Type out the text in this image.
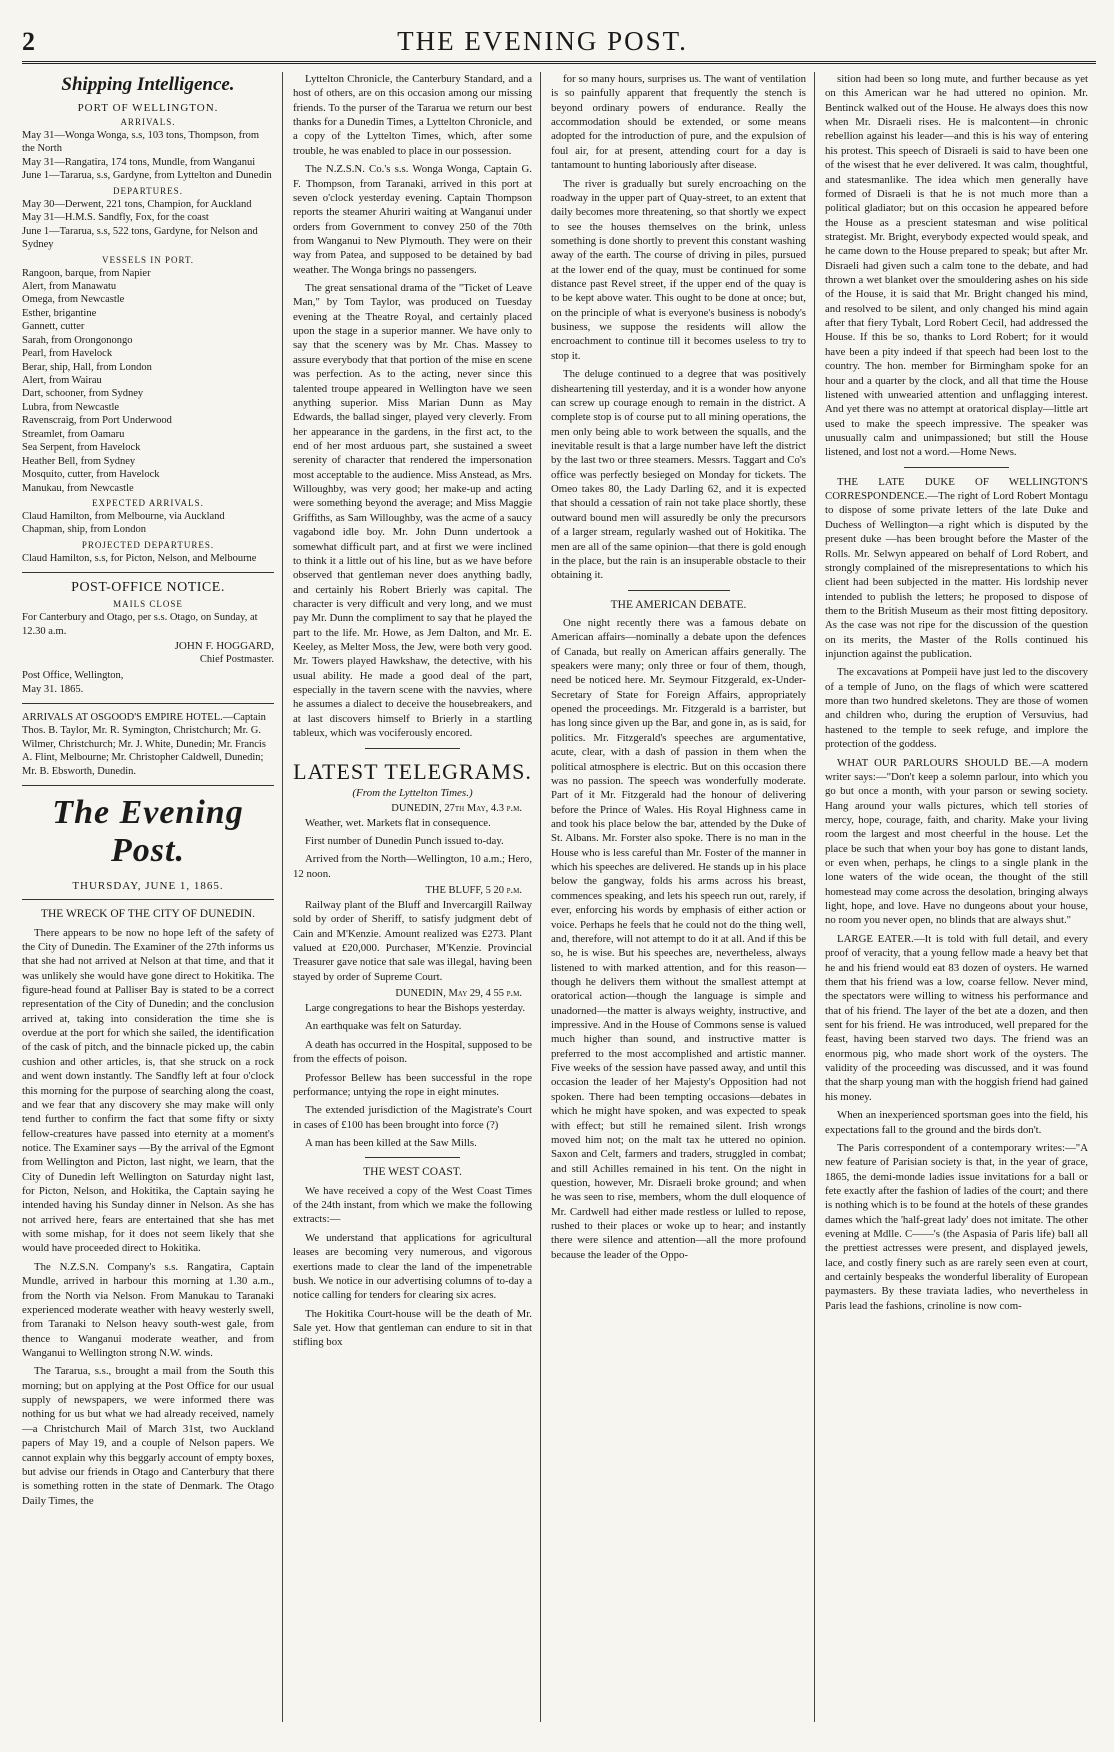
2	THE EVENING POST.
Shipping Intelligence.
PORT OF WELLINGTON.
ARRIVALS.

May 31—Wonga Wonga, s.s, 103 tons, Thompson, from the North

May 31—Rangatira, 174 tons, Mundle, from Wanganui

June 1—Tararua, s.s, Gardyne, from Lyttelton and Dunedin

DEPARTURES.

May 30—Derwent, 221 tons, Champion, for Auckland

May 31—H.M.S. Sandfly, Fox, for the coast

June 1—Tararua, s.s, 522 tons, Gardyne, for Nelson and Sydney

VESSELS IN PORT.

Rangoon, barque, from Napier

Alert, from Manawatu

Omega, from Newcastle

Esther, brigantine

Gannett, cutter

Sarah, from Orongonongo

Pearl, from Havelock

Berar, ship, Hall, from London

Alert, from Wairau

Dart, schooner, from Sydney

Lubra, from Newcastle

Ravenscraig, from Port Underwood

Streamlet, from Oamaru

Sea Serpent, from Havelock

Heather Bell, from Sydney

Mosquito, cutter, from Havelock

Manukau, from Newcastle

EXPECTED ARRIVALS.

Claud Hamilton, from Melbourne, via Auckland

Chapman, ship, from London

PROJECTED DEPARTURES.

Claud Hamilton, s.s, for Picton, Nelson, and Melbourne

POST-OFFICE NOTICE.
MAILS CLOSE

For Canterbury and Otago, per s.s. Otago, on Sunday, at 12.30 a.m.

JOHN F. HOGGARD,
Chief Postmaster.

Post Office, Wellington,

May 31. 1865.

ARRIVALS AT OSGOOD'S EMPIRE HOTEL.—Captain Thos. B. Taylor, Mr. R. Symington, Christchurch; Mr. G. Wilmer, Christchurch; Mr. J. White, Dunedin; Mr. Francis A. Flint, Melbourne; Mr. Christopher Caldwell, Dunedin; Mr. B. Ebsworth, Dunedin.

The Evening Post.
THURSDAY, JUNE 1, 1865.
THE WRECK OF THE CITY OF DUNEDIN.

There appears to be now no hope left of the safety of the City of Dunedin. The Examiner of the 27th informs us that she had not arrived at Nelson at that time, and that it was unlikely she would have gone direct to Hokitika. The figure-head found at Palliser Bay is stated to be a correct representation of the City of Dunedin; and the conclusion arrived at, taking into consideration the time she is overdue at the port for which she sailed, the identification of the cask of pitch, and the binnacle picked up, the cabin cushion and other articles, is, that she struck on a rock and went down instantly. The Sandfly left at four o'clock this morning for the purpose of searching along the coast, and we fear that any discovery she may make will only tend further to confirm the fact that some fifty or sixty fellow-creatures have passed into eternity at a moment's notice. The Examiner says —By the arrival of the Egmont from Wellington and Picton, last night, we learn, that the City of Dunedin left Wellington on Saturday night last, for Picton, Nelson, and Hokitika, the Captain saying he intended having his Sunday dinner in Nelson. As she has not arrived here, fears are entertained that she has met with some mishap, for it does not seem likely that she would have proceeded direct to Hokitika.

The N.Z.S.N. Company's s.s. Rangatira, Captain Mundle, arrived in harbour this morning at 1.30 a.m., from the North via Nelson. From Manukau to Taranaki experienced moderate weather with heavy westerly swell, from Taranaki to Nelson heavy south-west gale, from thence to Wanganui moderate weather, and from Wanganui to Wellington strong N.W. winds.

The Tararua, s.s., brought a mail from the South this morning; but on applying at the Post Office for our usual supply of newspapers, we were informed there was nothing for us but what we had already received, namely—a Christchurch Mail of March 31st, two Auckland papers of May 19, and a couple of Nelson papers. We cannot explain why this beggarly account of empty boxes, but advise our friends in Otago and Canterbury that there is something rotten in the state of Denmark. The Otago Daily Times, the

Lyttelton Chronicle, the Canterbury Standard, and a host of others, are on this occasion among our missing friends. To the purser of the Tararua we return our best thanks for a Dunedin Times, a Lyttelton Chronicle, and a copy of the Lyttelton Times, which, after some trouble, he was enabled to place in our possession.

The N.Z.S.N. Co.'s s.s. Wonga Wonga, Captain G. F. Thompson, from Taranaki, arrived in this port at seven o'clock yesterday evening. Captain Thompson reports the steamer Ahuriri waiting at Wanganui under orders from Government to convey 250 of the 70th from Wanganui to New Plymouth. They were on their way from Patea, and supposed to be detained by bad weather. The Wonga brings no passengers.

The great sensational drama of the "Ticket of Leave Man," by Tom Taylor, was produced on Tuesday evening at the Theatre Royal, and certainly placed upon the stage in a superior manner. We have only to say that the scenery was by Mr. Chas. Massey to assure everybody that that portion of the mise en scene was perfection. As to the acting, never since this talented troupe appeared in Wellington have we seen anything superior. Miss Marian Dunn as May Edwards, the ballad singer, played very cleverly. From her appearance in the gardens, in the first act, to the end of her most arduous part, she sustained a sweet serenity of character that rendered the impersonation most acceptable to the audience. Miss Anstead, as Mrs. Willoughby, was very good; her make-up and acting were something beyond the average; and Miss Maggie Griffiths, as Sam Willoughby, was the acme of a saucy vagabond idle boy. Mr. John Dunn undertook a somewhat difficult part, and at first we were inclined to think it a little out of his line, but as we have before observed that gentleman never does anything badly, and certainly his Robert Brierly was capital. The character is very difficult and very long, and we must pay Mr. Dunn the compliment to say that he played the part to the life. Mr. Howe, as Jem Dalton, and Mr. E. Keeley, as Melter Moss, the Jew, were both very good. Mr. Towers played Hawkshaw, the detective, with his usual ability. He made a good deal of the part, especially in the tavern scene with the navvies, where he assumes a dialect to deceive the housebreakers, and at last discovers himself to Brierly in a startling tableux, which was vociferously encored.

LATEST TELEGRAMS.
(From the Lyttelton Times.)
DUNEDIN, 27th May, 4.3 p.m.

Weather, wet. Markets flat in consequence.

First number of Dunedin Punch issued to-day.

Arrived from the North—Wellington, 10 a.m.; Hero, 12 noon.

THE BLUFF, 5 20 p.m.

Railway plant of the Bluff and Invercargill Railway sold by order of Sheriff, to satisfy judgment debt of Cain and M'Kenzie. Amount realized was £273. Plant valued at £20,000. Purchaser, M'Kenzie. Provincial Treasurer gave notice that sale was illegal, having been stayed by order of Supreme Court.

DUNEDIN, May 29, 4 55 p.m.

Large congregations to hear the Bishops yesterday.

An earthquake was felt on Saturday.

A death has occurred in the Hospital, supposed to be from the effects of poison.

Professor Bellew has been successful in the rope performance; untying the rope in eight minutes.

The extended jurisdiction of the Magistrate's Court in cases of £100 has been brought into force (?)

A man has been killed at the Saw Mills.

THE WEST COAST.

We have received a copy of the West Coast Times of the 24th instant, from which we make the following extracts:—

We understand that applications for agricultural leases are becoming very numerous, and vigorous exertions made to clear the land of the impenetrable bush. We notice in our advertising columns of to-day a notice calling for tenders for clearing six acres.

The Hokitika Court-house will be the death of Mr. Sale yet. How that gentleman can endure to sit in that stifling box

for so many hours, surprises us. The want of ventilation is so painfully apparent that frequently the stench is beyond ordinary powers of endurance. Really the accommodation should be extended, or some means adopted for the introduction of pure, and the expulsion of foul air, for at present, attending court for a day is tantamount to hunting laboriously after disease.

The river is gradually but surely encroaching on the roadway in the upper part of Quay-street, to an extent that daily becomes more threatening, so that shortly we expect to see the houses themselves on the brink, unless something is done shortly to prevent this constant washing away of the earth. The course of driving in piles, pursued at the lower end of the quay, must be continued for some distance past Revel street, if the upper end of the quay is to be kept above water. This ought to be done at once; but, on the principle of what is everyone's business is nobody's business, we suppose the residents will allow the encroachment to continue till it becomes useless to try to stop it.

The deluge continued to a degree that was positively disheartening till yesterday, and it is a wonder how anyone can screw up courage enough to remain in the district. A complete stop is of course put to all mining operations, the men only being able to work between the squalls, and the inevitable result is that a large number have left the district by the last two or three steamers. Messrs. Taggart and Co's office was perfectly besieged on Monday for tickets. The Omeo takes 80, the Lady Darling 62, and it is expected that should a cessation of rain not take place shortly, these outward bound men will assuredly be only the precursors of a larger stream, regularly washed out of Hokitika. The men are all of the same opinion—that there is gold enough in the place, but the rain is an insuperable obstacle to their obtaining it.

THE AMERICAN DEBATE.

One night recently there was a famous debate on American affairs—nominally a debate upon the defences of Canada, but really on American affairs generally. The speakers were many; only three or four of them, though, need be noticed here. Mr. Seymour Fitzgerald, ex-Under-Secretary of State for Foreign Affairs, appropriately opened the proceedings. Mr. Fitzgerald is a barrister, but has long since given up the Bar, and gone in, as is said, for politics. Mr. Fitzgerald's speeches are argumentative, acute, clear, with a dash of passion in them when the political atmosphere is electric. But on this occasion there was no passion. The speech was wonderfully moderate. Part of it Mr. Fitzgerald had the honour of delivering before the Prince of Wales. His Royal Highness came in and took his place below the bar, attended by the Duke of St. Albans. Mr. Forster also spoke. There is no man in the House who is less careful than Mr. Foster of the manner in which his speeches are delivered. He stands up in his place below the gangway, folds his arms across his breast, commences speaking, and lets his speech run out, rarely, if ever, enforcing his words by emphasis of either action or voice. Perhaps he feels that he could not do the thing well, and, therefore, will not attempt to do it at all. And if this be so, he is wise. But his speeches are, nevertheless, always listened to with marked attention, and for this reason—though he delivers them without the smallest attempt at oratorical action—though the language is simple and unadorned—the matter is always weighty, instructive, and impressive. And in the House of Commons sense is valued much higher than sound, and instructive matter is preferred to the most accomplished and artistic manner. Five weeks of the session have passed away, and until this occasion the leader of her Majesty's Opposition had not spoken. There had been tempting occasions—debates in which he might have spoken, and was expected to speak with effect; but still he remained silent. Irish wrongs moved him not; on the malt tax he uttered no opinion. Saxon and Celt, farmers and traders, struggled in combat; and still Achilles remained in his tent. On the night in question, however, Mr. Disraeli broke ground; and when he was seen to rise, members, whom the dull eloquence of Mr. Cardwell had either made restless or lulled to repose, rushed to their places or woke up to hear; and instantly there were silence and attention—all the more profound because the leader of the Oppo-

sition had been so long mute, and further because as yet on this American war he had uttered no opinion. Mr. Bentinck walked out of the House. He always does this now when Mr. Disraeli rises. He is malcontent—in chronic rebellion against his leader—and this is his way of entering his protest. This speech of Disraeli is said to have been one of the wisest that he ever delivered. It was calm, thoughtful, and statesmanlike. The idea which men generally have formed of Disraeli is that he is not much more than a political gladiator; but on this occasion he appeared before the House as a prescient statesman and wise political strategist. Mr. Bright, everybody expected would speak, and he came down to the House prepared to speak; but after Mr. Disraeli had given such a calm tone to the debate, and had thrown a wet blanket over the smouldering ashes on his side of the House, it is said that Mr. Bright changed his mind, and resolved to be silent, and only changed his mind again after that fiery Tybalt, Lord Robert Cecil, had addressed the House. If this be so, thanks to Lord Robert; for it would have been a pity indeed if that speech had been lost to the country. The hon. member for Birmingham spoke for an hour and a quarter by the clock, and all that time the House listened with unwearied attention and unflagging interest. And yet there was no attempt at oratorical display—little art used to make the speech impressive. The speaker was unusually calm and unimpassioned; but still the House listened, and lost not a word.—Home News.

THE LATE DUKE OF WELLINGTON'S CORRESPONDENCE.—The right of Lord Robert Montagu to dispose of some private letters of the late Duke and Duchess of Wellington—a right which is disputed by the present duke —has been brought before the Master of the Rolls. Mr. Selwyn appeared on behalf of Lord Robert, and strongly complained of the misrepresentations to which his client had been subjected in the matter. His lordship never intended to publish the letters; he proposed to dispose of them to the British Museum as their most fitting depository. As the case was not ripe for the discussion of the question on its merits, the Master of the Rolls continued his injunction against the publication.

The excavations at Pompeii have just led to the discovery of a temple of Juno, on the flags of which were scattered more than two hundred skeletons. They are those of women and children who, during the eruption of Versuvius, had hastened to the temple to seek refuge, and implore the protection of the goddess.

WHAT OUR PARLOURS SHOULD BE.—A modern writer says:—"Don't keep a solemn parlour, into which you go but once a month, with your parson or sewing society. Hang around your walls pictures, which tell stories of mercy, hope, courage, faith, and charity. Make your living room the largest and most cheerful in the house. Let the place be such that when your boy has gone to distant lands, or even when, perhaps, he clings to a single plank in the lone waters of the wide ocean, the thought of the still homestead may come across the desolation, bringing always light, hope, and love. Have no dungeons about your house, no room you never open, no blinds that are always shut."

LARGE EATER.—It is told with full detail, and every proof of veracity, that a young fellow made a heavy bet that he and his friend would eat 83 dozen of oysters. He warned them that his friend was a low, coarse fellow. Never mind, the spectators were willing to witness his performance and that of his friend. The layer of the bet ate a dozen, and then sent for his friend. He was introduced, well prepared for the feast, having been starved two days. The friend was an enormous pig, who made short work of the oysters. The validity of the proceeding was discussed, and it was found that the sharp young man with the hoggish friend had gained his money.

When an inexperienced sportsman goes into the field, his expectations fall to the ground and the birds don't.

The Paris correspondent of a contemporary writes:—"A new feature of Parisian society is that, in the year of grace, 1865, the demi-monde ladies issue invitations for a ball or fete exactly after the fashion of ladies of the court; and there is nothing which is to be found at the hotels of these grandes dames which the 'half-great lady' does not imitate. The other evening at Mdlle. C——'s (the Aspasia of Paris life) ball all the prettiest actresses were present, and displayed jewels, lace, and costly finery such as are rarely seen even at court, and certainly bespeaks the wonderful liberality of European paymasters. By these traviata ladies, who nevertheless in Paris lead the fashions, crinoline is now com-
